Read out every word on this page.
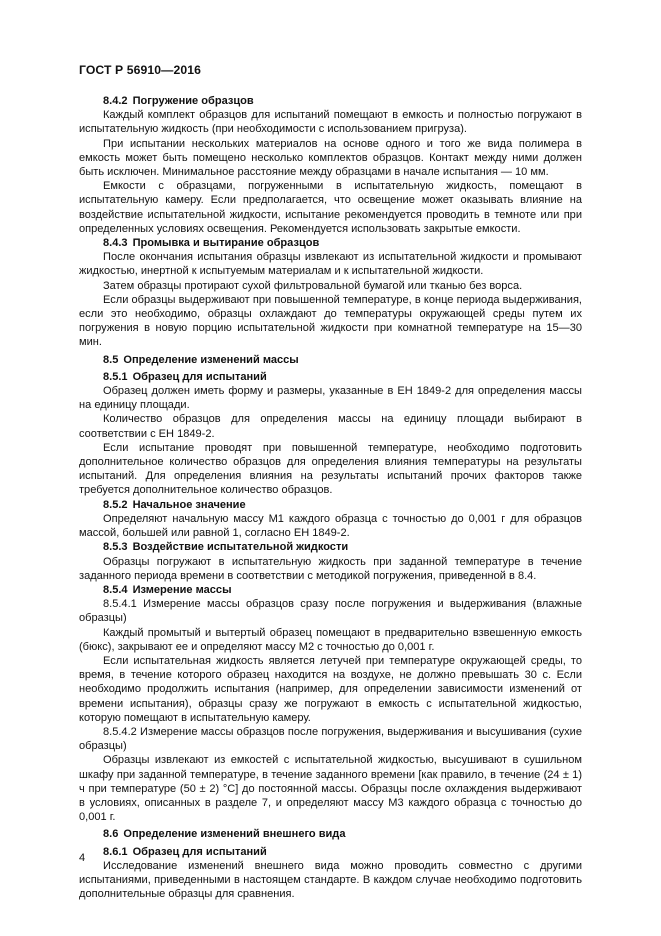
ГОСТ Р 56910—2016
8.4.2 Погружение образцов

Каждый комплект образцов для испытаний помещают в емкость и полностью погружают в испытательную жидкость (при необходимости с использованием пригруза).

При испытании нескольких материалов на основе одного и того же вида полимера в емкость может быть помещено несколько комплектов образцов. Контакт между ними должен быть исключен. Минимальное расстояние между образцами в начале испытания — 10 мм.

Емкости с образцами, погруженными в испытательную жидкость, помещают в испытательную камеру. Если предполагается, что освещение может оказывать влияние на воздействие испытательной жидкости, испытание рекомендуется проводить в темноте или при определенных условиях освещения. Рекомендуется использовать закрытые емкости.

8.4.3 Промывка и вытирание образцов

После окончания испытания образцы извлекают из испытательной жидкости и промывают жидкостью, инертной к испытуемым материалам и к испытательной жидкости.

Затем образцы протирают сухой фильтровальной бумагой или тканью без ворса.

Если образцы выдерживают при повышенной температуре, в конце периода выдерживания, если это необходимо, образцы охлаждают до температуры окружающей среды путем их погружения в новую порцию испытательной жидкости при комнатной температуре на 15—30 мин.

8.5 Определение изменений массы
8.5.1 Образец для испытаний

Образец должен иметь форму и размеры, указанные в ЕН 1849-2 для определения массы на единицу площади.

Количество образцов для определения массы на единицу площади выбирают в соответствии с ЕН 1849-2.

Если испытание проводят при повышенной температуре, необходимо подготовить дополнительное количество образцов для определения влияния температуры на результаты испытаний. Для определения влияния на результаты испытаний прочих факторов также требуется дополнительное количество образцов.

8.5.2 Начальное значение

Определяют начальную массу М1 каждого образца с точностью до 0,001 г для образцов массой, большей или равной 1, согласно ЕН 1849-2.

8.5.3 Воздействие испытательной жидкости

Образцы погружают в испытательную жидкость при заданной температуре в течение заданного периода времени в соответствии с методикой погружения, приведенной в 8.4.

8.5.4 Измерение массы

8.5.4.1 Измерение массы образцов сразу после погружения и выдерживания (влажные образцы)

Каждый промытый и вытертый образец помещают в предварительно взвешенную емкость (бюкс), закрывают ее и определяют массу М2 с точностью до 0,001 г.

Если испытательная жидкость является летучей при температуре окружающей среды, то время, в течение которого образец находится на воздухе, не должно превышать 30 с. Если необходимо продолжить испытания (например, для определении зависимости изменений от времени испытания), образцы сразу же погружают в емкость с испытательной жидкостью, которую помещают в испытательную камеру.

8.5.4.2 Измерение массы образцов после погружения, выдерживания и высушивания (сухие образцы)

Образцы извлекают из емкостей с испытательной жидкостью, высушивают в сушильном шкафу при заданной температуре, в течение заданного времени [как правило, в течение (24 ± 1) ч при температуре (50 ± 2) °С] до постоянной массы. Образцы после охлаждения выдерживают в условиях, описанных в разделе 7, и определяют массу М3 каждого образца с точностью до 0,001 г.

8.6 Определение изменений внешнего вида
8.6.1 Образец для испытаний

Исследование изменений внешнего вида можно проводить совместно с другими испытаниями, приведенными в настоящем стандарте. В каждом случае необходимо подготовить дополнительные образцы для сравнения.

4
